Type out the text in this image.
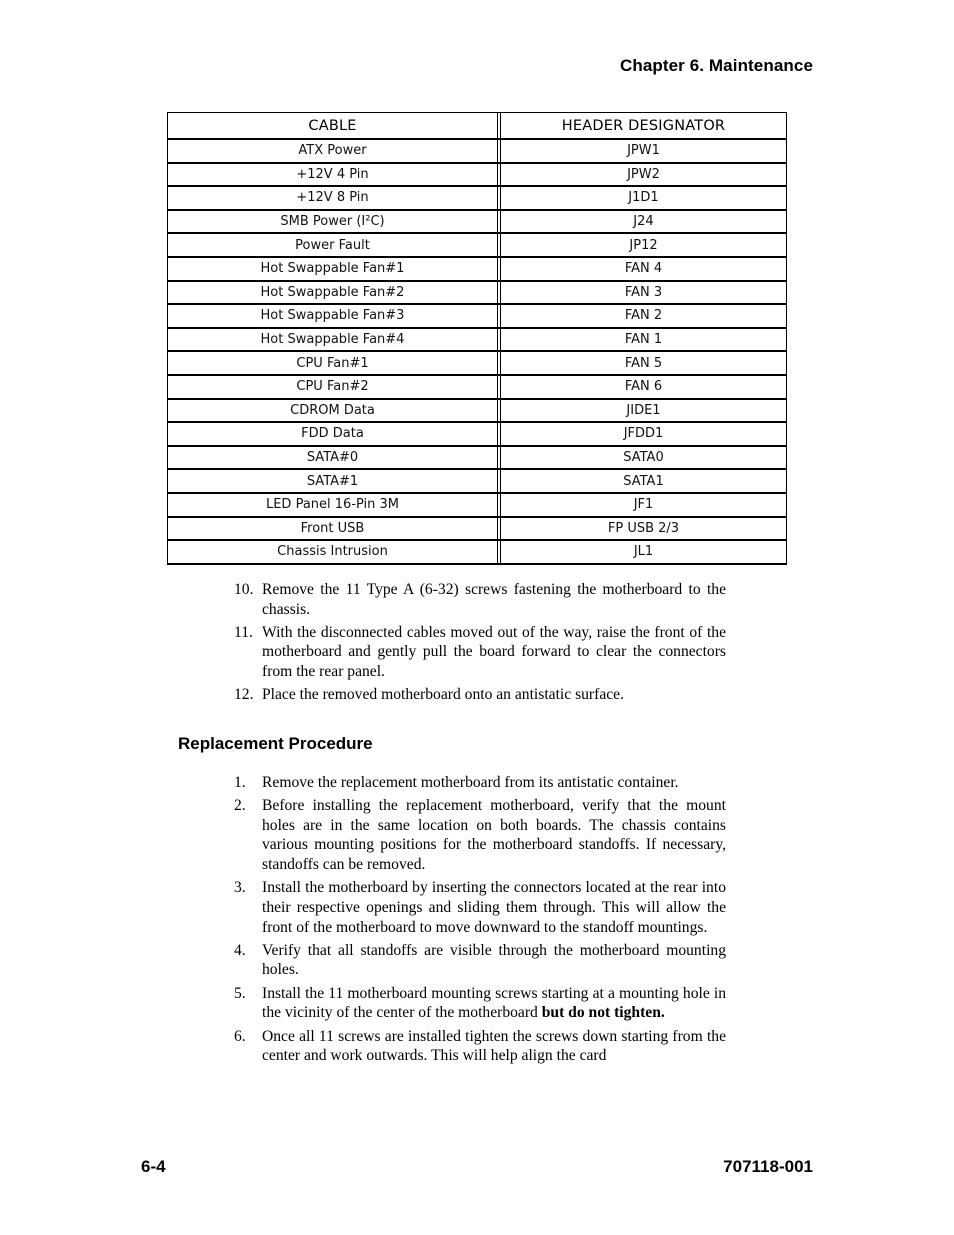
Chapter 6. Maintenance
CABLE		HEADER DESIGNATOR
ATX Power		JPW1
+12V 4 Pin		JPW2
+12V 8 Pin		J1D1
SMB Power (I²C)		J24
Power Fault		JP12
Hot Swappable Fan#1		FAN 4
Hot Swappable Fan#2		FAN 3
Hot Swappable Fan#3		FAN 2
Hot Swappable Fan#4		FAN 1
CPU Fan#1		FAN 5
CPU Fan#2		FAN 6
CDROM Data		JIDE1
FDD Data		JFDD1
SATA#0		SATA0
SATA#1		SATA1
LED Panel 16-Pin 3M		JF1
Front USB		FP USB 2/3
Chassis Intrusion		JL1
10. Remove the 11 Type A (6-32) screws fastening the motherboard to the chassis.
11. With the disconnected cables moved out of the way, raise the front of the motherboard and gently pull the board forward to clear the connectors from the rear panel.
12. Place the removed motherboard onto an antistatic surface.
Replacement Procedure
1. Remove the replacement motherboard from its antistatic container.
2. Before installing the replacement motherboard, verify that the mount holes are in the same location on both boards. The chassis contains various mounting positions for the motherboard standoffs. If necessary, standoffs can be removed.
3. Install the motherboard by inserting the connectors located at the rear into their respective openings and sliding them through. This will allow the front of the motherboard to move downward to the standoff mountings.
4. Verify that all standoffs are visible through the motherboard mounting holes.
5. Install the 11 motherboard mounting screws starting at a mounting hole in the vicinity of the center of the motherboard but do not tighten.
6. Once all 11 screws are installed tighten the screws down starting from the center and work outwards. This will help align the card
6-4	707118-001
